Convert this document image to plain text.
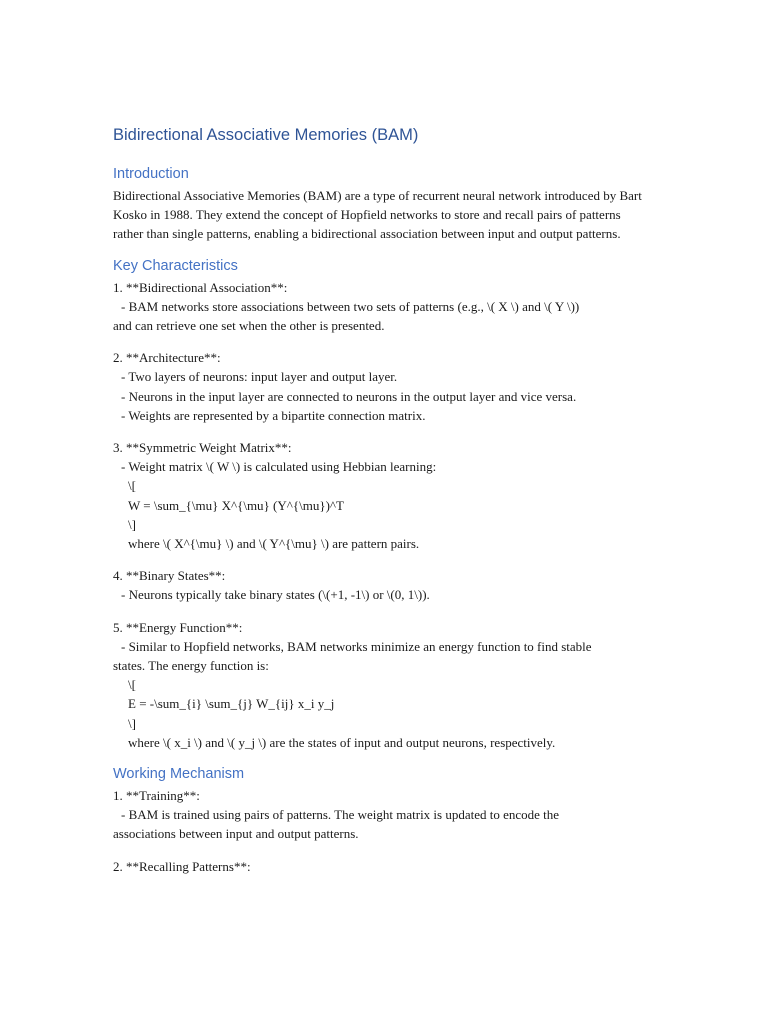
Bidirectional Associative Memories (BAM)
Introduction
Bidirectional Associative Memories (BAM) are a type of recurrent neural network introduced by Bart Kosko in 1988. They extend the concept of Hopfield networks to store and recall pairs of patterns rather than single patterns, enabling a bidirectional association between input and output patterns.
Key Characteristics
1. **Bidirectional Association**:
- BAM networks store associations between two sets of patterns (e.g., \( X \) and \( Y \))
and can retrieve one set when the other is presented.
2. **Architecture**:
- Two layers of neurons: input layer and output layer.
- Neurons in the input layer are connected to neurons in the output layer and vice versa.
- Weights are represented by a bipartite connection matrix.
3. **Symmetric Weight Matrix**:
- Weight matrix \( W \) is calculated using Hebbian learning:
\[
W = \sum_{\mu} X^{\mu} (Y^{\mu})^T
\]
where \( X^{\mu} \) and \( Y^{\mu} \) are pattern pairs.
4. **Binary States**:
- Neurons typically take binary states (\(+1, -1\) or \(0, 1\)).
5. **Energy Function**:
- Similar to Hopfield networks, BAM networks minimize an energy function to find stable
states. The energy function is:
\[
E = -\sum_{i} \sum_{j} W_{ij} x_i y_j
\]
where \( x_i \) and \( y_j \) are the states of input and output neurons, respectively.
Working Mechanism
1. **Training**:
- BAM is trained using pairs of patterns. The weight matrix is updated to encode the
associations between input and output patterns.
2. **Recalling Patterns**:
